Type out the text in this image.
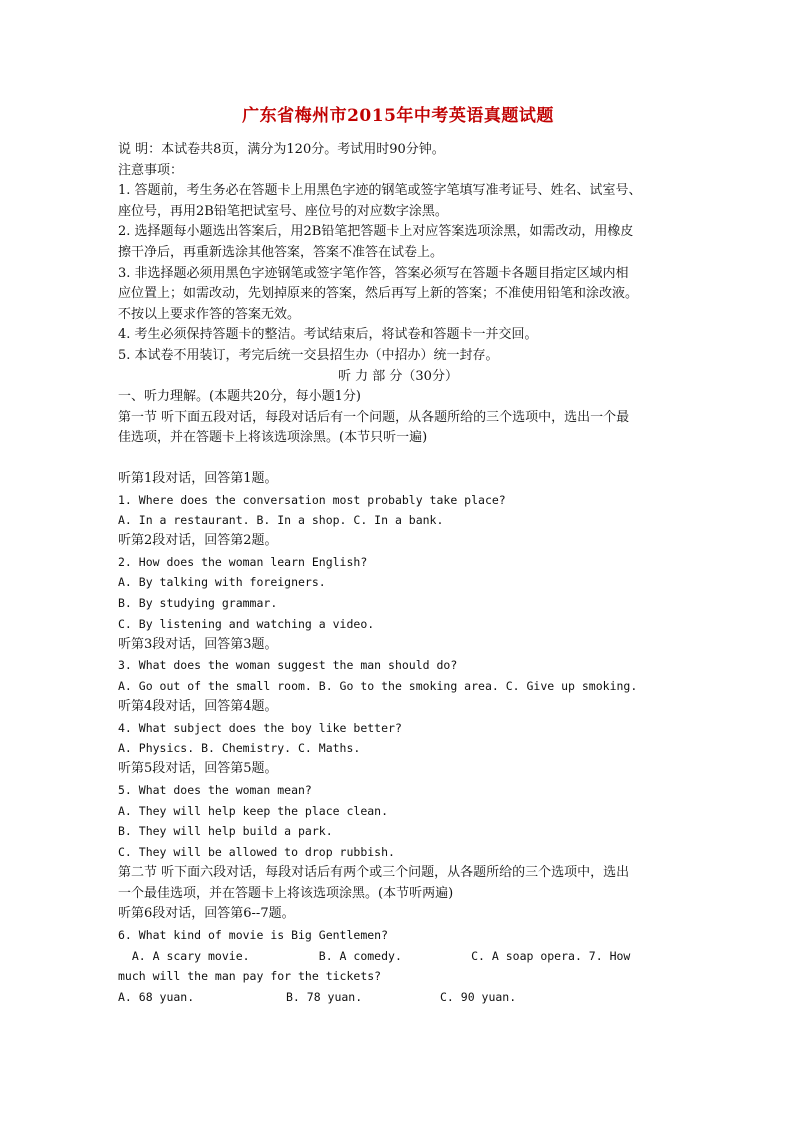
广东省梅州市2015年中考英语真题试题

说 明：本试卷共8页，满分为120分。考试用时90分钟。

注意事项：

1. 答题前，考生务必在答题卡上用黑色字迹的钢笔或签字笔填写准考证号、姓名、试室号、

座位号，再用2B铅笔把试室号、座位号的对应数字涂黑。

2. 选择题每小题选出答案后，用2B铅笔把答题卡上对应答案选项涂黑，如需改动，用橡皮

擦干净后，再重新选涂其他答案，答案不准答在试卷上。

3. 非选择题必须用黑色字迹钢笔或签字笔作答，答案必须写在答题卡各题目指定区域内相

应位置上；如需改动，先划掉原来的答案，然后再写上新的答案；不准使用铅笔和涂改液。

不按以上要求作答的答案无效。

4. 考生必须保持答题卡的整洁。考试结束后，将试卷和答题卡一并交回。

5. 本试卷不用装订，考完后统一交县招生办（中招办）统一封存。

听 力 部 分（30分）

一、听力理解。(本题共20分，每小题1分)

第一节 听下面五段对话，每段对话后有一个问题，从各题所给的三个选项中，选出一个最

佳选项，并在答题卡上将该选项涂黑。(本节只听一遍)

听第1段对话，回答第1题。

1. Where does the conversation most probably take place?

A. In a restaurant. B. In a shop. C. In a bank.

听第2段对话，回答第2题。

2. How does the woman learn English?

A. By talking with foreigners.

B. By studying grammar.

C. By listening and watching a video.

听第3段对话，回答第3题。

3. What does the woman suggest the man should do?

A. Go out of the small room. B. Go to the smoking area. C. Give up smoking.

听第4段对话，回答第4题。

4. What subject does the boy like better?

A. Physics. B. Chemistry. C. Maths.

听第5段对话，回答第5题。

5. What does the woman mean?

A. They will help keep the place clean.

B. They will help build a park.

C. They will be allowed to drop rubbish.

第二节 听下面六段对话，每段对话后有两个或三个问题，从各题所给的三个选项中，选出

一个最佳选项，并在答题卡上将该选项涂黑。(本节听两遍)

听第6段对话，回答第6--7题。

6. What kind of movie is Big Gentlemen?

A. A scary movie.          B. A comedy.          C. A soap opera. 7. How

much will the man pay for the tickets?

A. 68 yuan.	B. 78 yuan.	C. 90 yuan.
